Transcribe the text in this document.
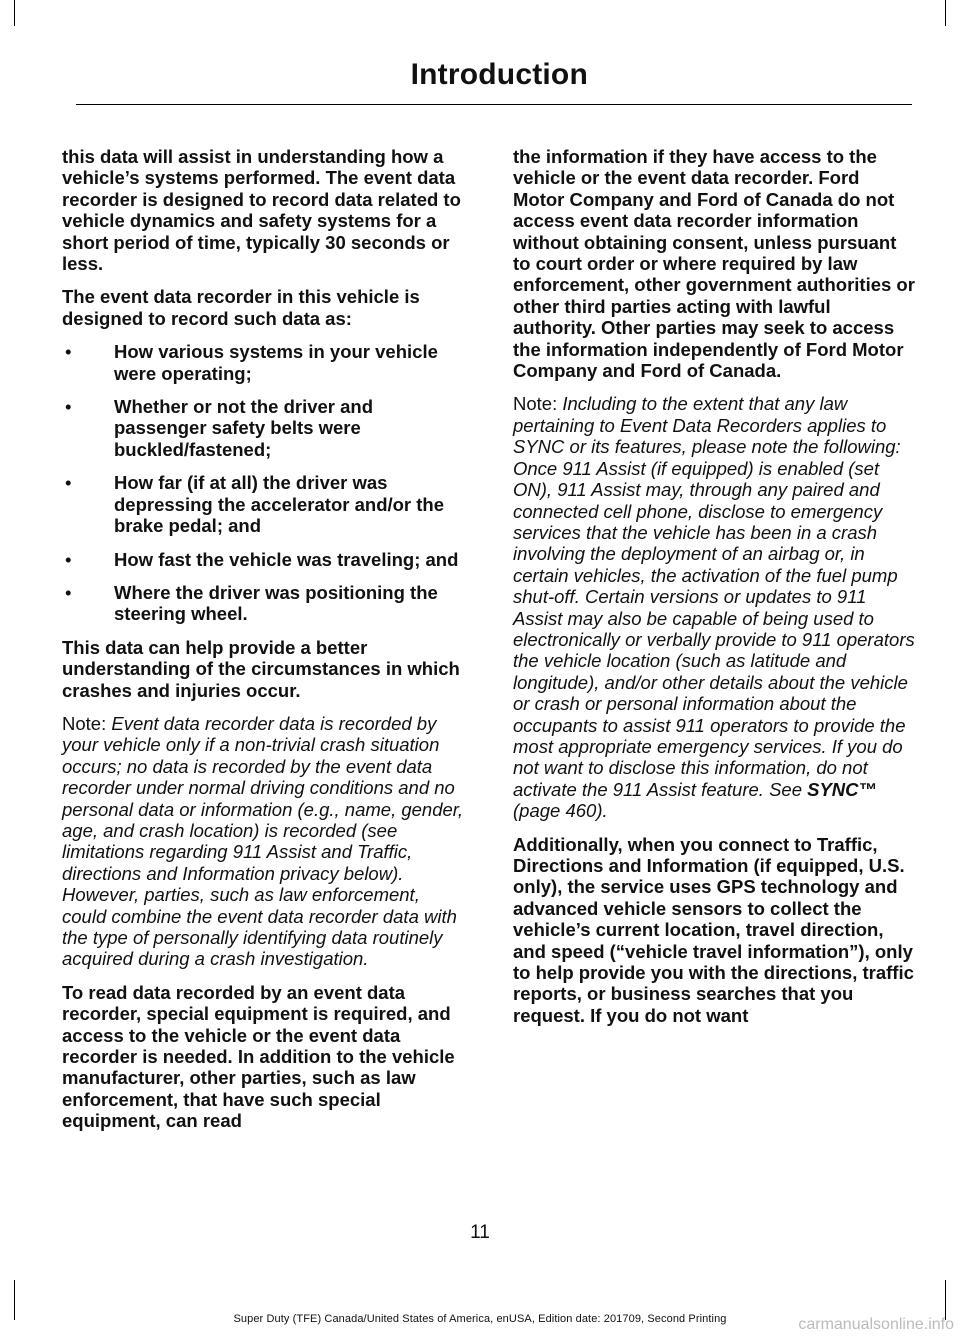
Introduction

this data will assist in understanding how a vehicle’s systems performed. The event data recorder is designed to record data related to vehicle dynamics and safety systems for a short period of time, typically 30 seconds or less.

The event data recorder in this vehicle is designed to record such data as:

• How various systems in your vehicle were operating;
• Whether or not the driver and passenger safety belts were buckled/fastened;
• How far (if at all) the driver was depressing the accelerator and/or the brake pedal; and
• How fast the vehicle was traveling; and
• Where the driver was positioning the steering wheel.

This data can help provide a better understanding of the circumstances in which crashes and injuries occur.

Note: Event data recorder data is recorded by your vehicle only if a non-trivial crash situation occurs; no data is recorded by the event data recorder under normal driving conditions and no personal data or information (e.g., name, gender, age, and crash location) is recorded (see limitations regarding 911 Assist and Traffic, directions and Information privacy below). However, parties, such as law enforcement, could combine the event data recorder data with the type of personally identifying data routinely acquired during a crash investigation.

To read data recorded by an event data recorder, special equipment is required, and access to the vehicle or the event data recorder is needed. In addition to the vehicle manufacturer, other parties, such as law enforcement, that have such special equipment, can read

the information if they have access to the vehicle or the event data recorder. Ford Motor Company and Ford of Canada do not access event data recorder information without obtaining consent, unless pursuant to court order or where required by law enforcement, other government authorities or other third parties acting with lawful authority. Other parties may seek to access the information independently of Ford Motor Company and Ford of Canada.

Note: Including to the extent that any law pertaining to Event Data Recorders applies to SYNC or its features, please note the following: Once 911 Assist (if equipped) is enabled (set ON), 911 Assist may, through any paired and connected cell phone, disclose to emergency services that the vehicle has been in a crash involving the deployment of an airbag or, in certain vehicles, the activation of the fuel pump shut-off. Certain versions or updates to 911 Assist may also be capable of being used to electronically or verbally provide to 911 operators the vehicle location (such as latitude and longitude), and/or other details about the vehicle or crash or personal information about the occupants to assist 911 operators to provide the most appropriate emergency services. If you do not want to disclose this information, do not activate the 911 Assist feature. See SYNC™ (page 460).

Additionally, when you connect to Traffic, Directions and Information (if equipped, U.S. only), the service uses GPS technology and advanced vehicle sensors to collect the vehicle’s current location, travel direction, and speed (“vehicle travel information”), only to help provide you with the directions, traffic reports, or business searches that you request. If you do not want

11
Super Duty (TFE) Canada/United States of America, enUSA, Edition date: 201709, Second Printing	carmanualsonline.info
